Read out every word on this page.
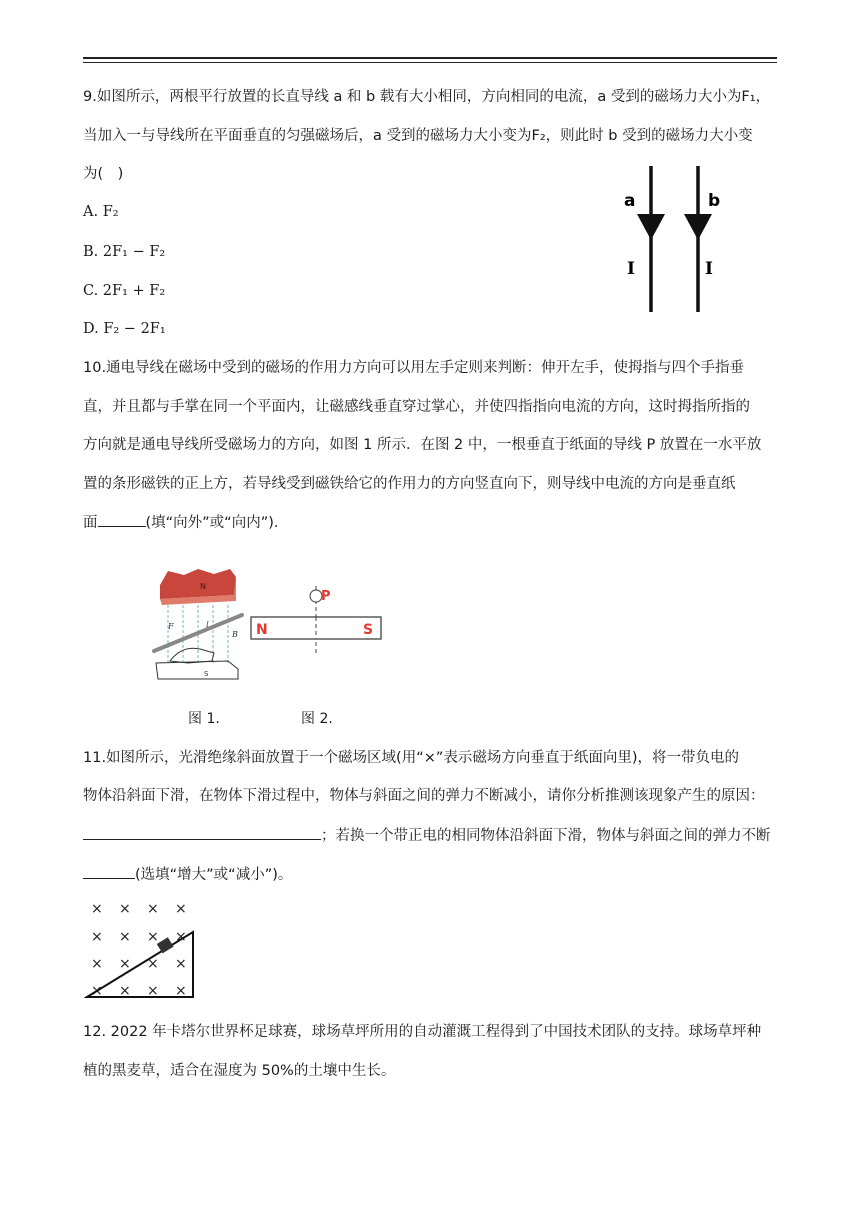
9.如图所示，两根平行放置的长直导线 a 和 b 载有大小相同，方向相同的电流，a 受到的磁场力大小为F₁，
当加入一与导线所在平面垂直的匀强磁场后，a 受到的磁场力大小变为F₂，则此时 b 受到的磁场力大小变
为(　)
A. F₂
B. 2F₁ − F₂
C. 2F₁ + F₂
D. F₂ − 2F₁
a	b
I	I
10.通电导线在磁场中受到的磁场的作用力方向可以用左手定则来判断：伸开左手，使拇指与四个手指垂
直，并且都与手掌在同一个平面内，让磁感线垂直穿过掌心，并使四指指向电流的方向，这时拇指所指的
方向就是通电导线所受磁场力的方向，如图 1 所示．在图 2 中，一根垂直于纸面的导线 P 放置在一水平放
置的条形磁铁的正上方，若导线受到磁铁给它的作用力的方向竖直向下，则导线中电流的方向是垂直纸
面	(填“向外”或“向内”)．
N
F
B
I
S
P
N	S
图 1.	图 2.
11.如图所示，光滑绝缘斜面放置于一个磁场区域(用“×”表示磁场方向垂直于纸面向里)，将一带负电的
物体沿斜面下滑，在物体下滑过程中，物体与斜面之间的弹力不断减小，请你分析推测该现象产生的原因：
；若换一个带正电的相同物体沿斜面下滑，物体与斜面之间的弹力不断
(选填“增大”或“减小”)。
× × × ×
× × × ×
× × × ×
× × × ×
12. 2022 年卡塔尔世界杯足球赛，球场草坪所用的自动灌溉工程得到了中国技术团队的支持。球场草坪种
植的黑麦草，适合在湿度为 50%的土壤中生长。
